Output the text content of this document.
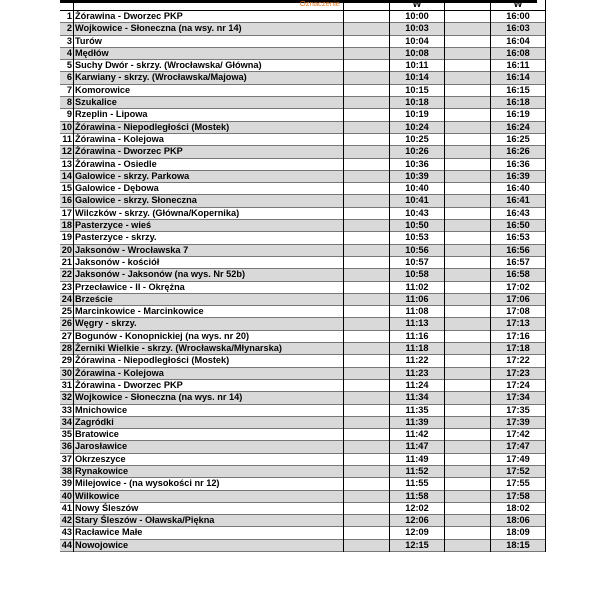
	Oznaczenie		W		W
1	Żórawina - Dworzec PKP		10:00		16:00
2	Wojkowice - Słoneczna (na wsy. nr 14)		10:03		16:03
3	Turów		10:04		16:04
4	Mędłów		10:08		16:08
5	Suchy Dwór - skrzy. (Wrocławska/ Główna)		10:11		16:11
6	Karwiany - skrzy. (Wrocławska/Majowa)		10:14		16:14
7	Komorowice		10:15		16:15
8	Szukalice		10:18		16:18
9	Rzeplin - Lipowa		10:19		16:19
10	Żórawina - Niepodległości (Mostek)		10:24		16:24
11	Żórawina - Kolejowa		10:25		16:25
12	Żórawina - Dworzec PKP		10:26		16:26
13	Żórawina - Osiedle		10:36		16:36
14	Galowice - skrzy. Parkowa		10:39		16:39
15	Galowice - Dębowa		10:40		16:40
16	Galowice - skrzy. Słoneczna		10:41		16:41
17	Wilczków - skrzy. (Główna/Kopernika)		10:43		16:43
18	Pasterzyce - wieś		10:50		16:50
19	Pasterzyce - skrzy.		10:53		16:53
20	Jaksonów - Wrocławska 7		10:56		16:56
21	Jaksonów - kościół		10:57		16:57
22	Jaksonów - Jaksonów (na wys. Nr 52b)		10:58		16:58
23	Przecławice - II - Okrężna		11:02		17:02
24	Brzeście		11:06		17:06
25	Marcinkowice - Marcinkowice		11:08		17:08
26	Węgry - skrzy.		11:13		17:13
27	Bogunów - Konopnickiej (na wys. nr 20)		11:16		17:16
28	Żerniki Wielkie - skrzy. (Wrocławska/Młynarska)		11:18		17:18
29	Żórawina - Niepodległości (Mostek)		11:22		17:22
30	Żórawina - Kolejowa		11:23		17:23
31	Żórawina - Dworzec PKP		11:24		17:24
32	Wojkowice - Słoneczna (na wys. nr 14)		11:34		17:34
33	Mnichowice		11:35		17:35
34	Zagródki		11:39		17:39
35	Bratowice		11:42		17:42
36	Jarosławice		11:47		17:47
37	Okrzeszyce		11:49		17:49
38	Rynakowice		11:52		17:52
39	Milejowice - (na wysokości nr 12)		11:55		17:55
40	Wilkowice		11:58		17:58
41	Nowy Śleszów		12:02		18:02
42	Stary Śleszów - Oławska/Piękna		12:06		18:06
43	Racławice Małe		12:09		18:09
44	Nowojowice		12:15		18:15
